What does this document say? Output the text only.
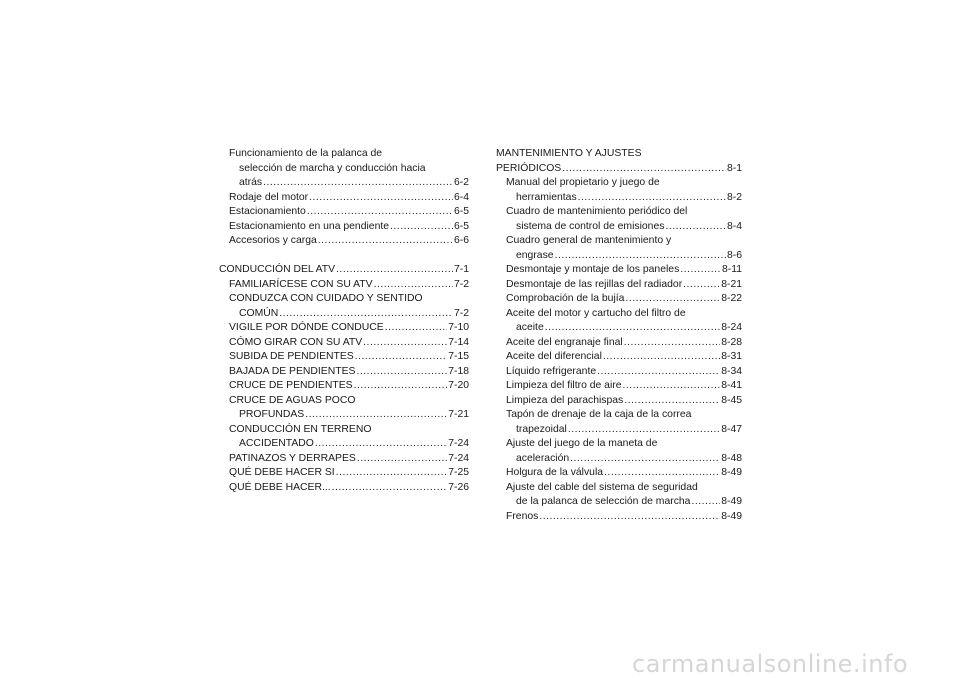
Funcionamiento de la palanca de
selección de marcha y conducción hacia
atrás .....	6-2
Rodaje del motor .....	6-4
Estacionamiento .....	6-5
Estacionamiento en una pendiente .....	6-5
Accesorios y carga .....	6-6
CONDUCCIÓN DEL ATV .....	7-1
FAMILIARÍCESE CON SU ATV .....	7-2
CONDUZCA CON CUIDADO Y SENTIDO
COMÚN .....	7-2
VIGILE POR DÓNDE CONDUCE .....	7-10
CÓMO GIRAR CON SU ATV .....	7-14
SUBIDA DE PENDIENTES .....	7-15
BAJADA DE PENDIENTES .....	7-18
CRUCE DE PENDIENTES .....	7-20
CRUCE DE AGUAS POCO
PROFUNDAS .....	7-21
CONDUCCIÓN EN TERRENO
ACCIDENTADO .....	7-24
PATINAZOS Y DERRAPES .....	7-24
QUÉ DEBE HACER SI .....	7-25
QUÉ DEBE HACER... .....	7-26
MANTENIMIENTO Y AJUSTES
PERIÓDICOS .....	8-1
Manual del propietario y juego de
herramientas .....	8-2
Cuadro de mantenimiento periódico del
sistema de control de emisiones .....	8-4
Cuadro general de mantenimiento y
engrase .....	8-6
Desmontaje y montaje de los paneles .....	8-11
Desmontaje de las rejillas del radiador .....	8-21
Comprobación de la bujía .....	8-22
Aceite del motor y cartucho del filtro de
aceite .....	8-24
Aceite del engranaje final .....	8-28
Aceite del diferencial .....	8-31
Líquido refrigerante .....	8-34
Limpieza del filtro de aire .....	8-41
Limpieza del parachispas .....	8-45
Tapón de drenaje de la caja de la correa
trapezoidal .....	8-47
Ajuste del juego de la maneta de
aceleración .....	8-48
Holgura de la válvula .....	8-49
Ajuste del cable del sistema de seguridad
de la palanca de selección de marcha .....	8-49
Frenos .....	8-49
carmanualsonline.info
